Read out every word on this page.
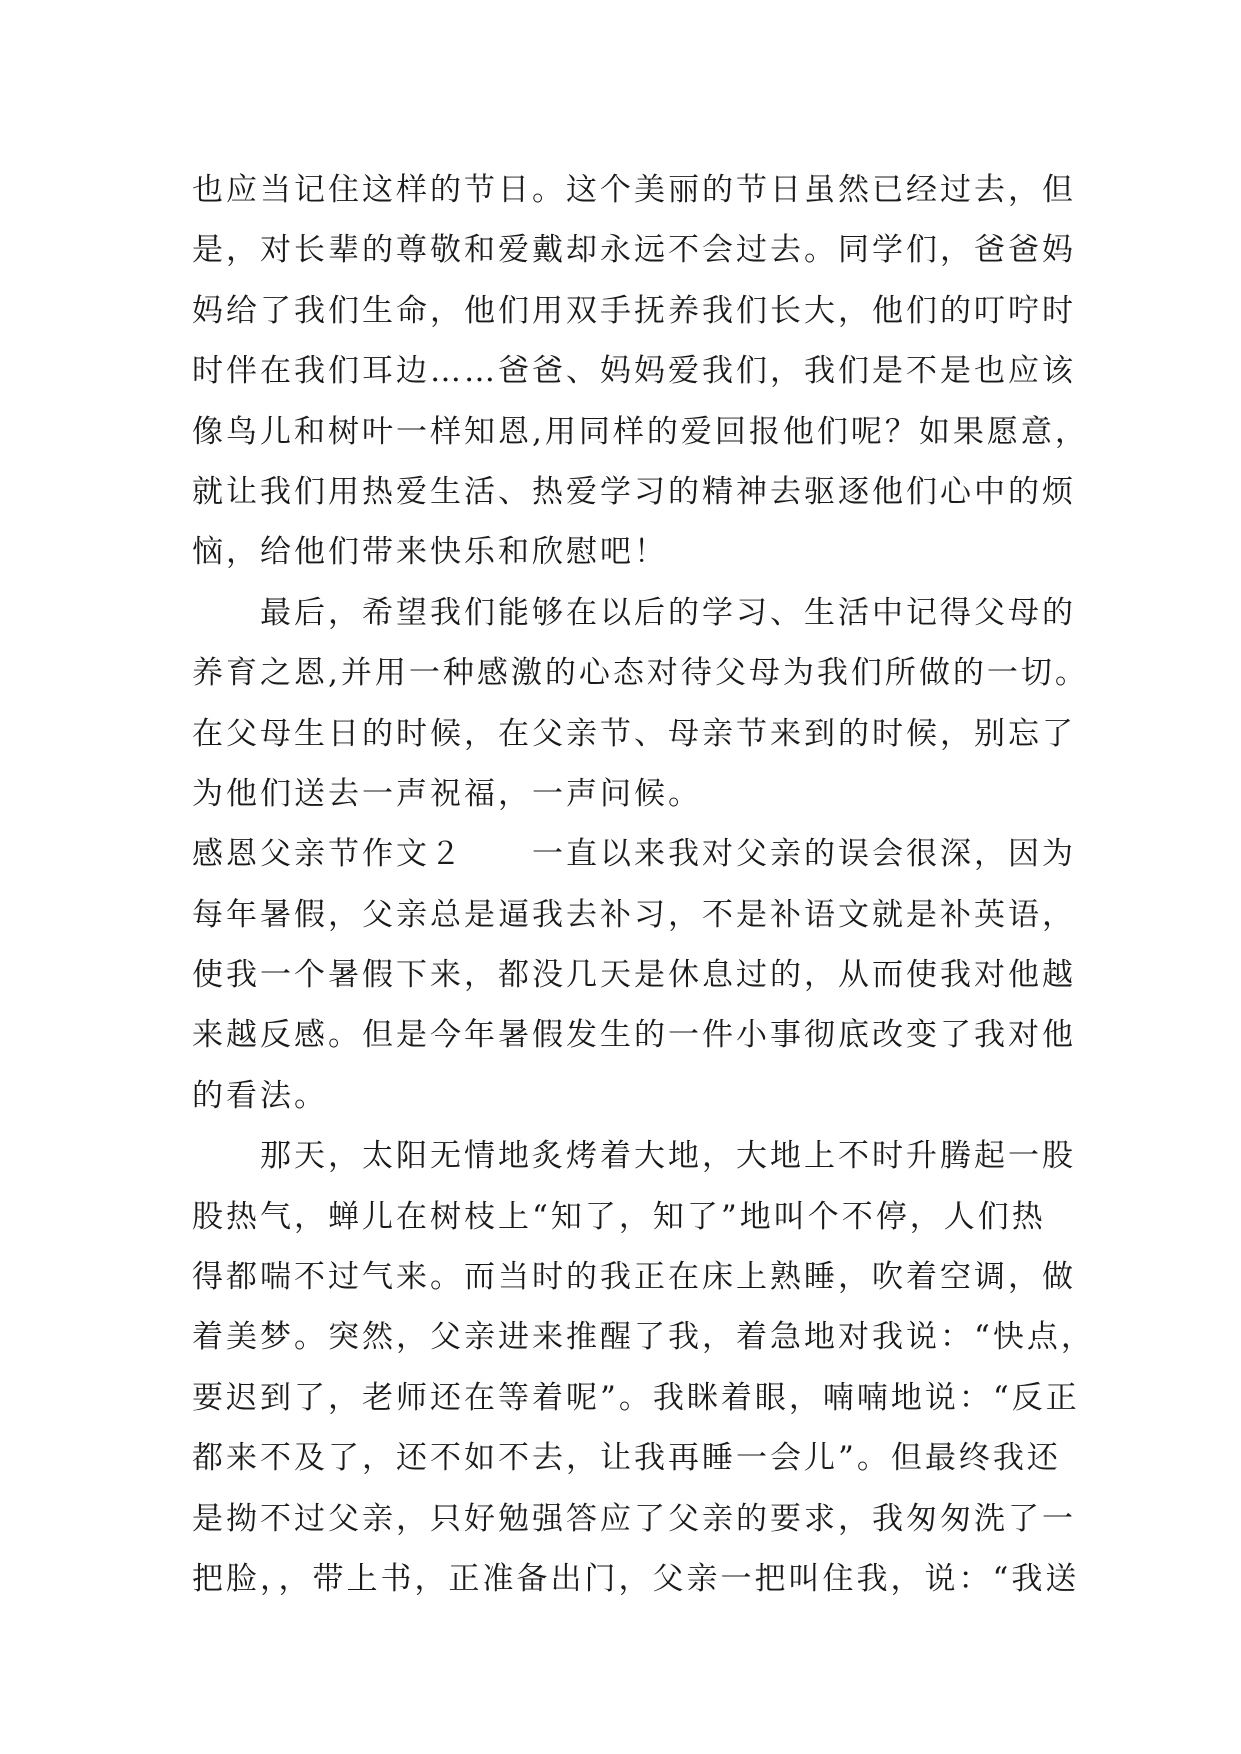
也应当记住这样的节日。这个美丽的节日虽然已经过去，但
是，对长辈的尊敬和爱戴却永远不会过去。同学们，爸爸妈
妈给了我们生命，他们用双手抚养我们长大，他们的叮咛时
时伴在我们耳边……爸爸、妈妈爱我们，我们是不是也应该
像鸟儿和树叶一样知恩,用同样的爱回报他们呢？如果愿意，
就让我们用热爱生活、热爱学习的精神去驱逐他们心中的烦
恼，给他们带来快乐和欣慰吧！
　　最后，希望我们能够在以后的学习、生活中记得父母的
养育之恩,并用一种感激的心态对待父母为我们所做的一切。
在父母生日的时候，在父亲节、母亲节来到的时候，别忘了
为他们送去一声祝福，一声问候。
感恩父亲节作文２　　一直以来我对父亲的误会很深，因为
每年暑假，父亲总是逼我去补习，不是补语文就是补英语，
使我一个暑假下来，都没几天是休息过的，从而使我对他越
来越反感。但是今年暑假发生的一件小事彻底改变了我对他
的看法。
　　那天，太阳无情地炙烤着大地，大地上不时升腾起一股
股热气，蝉儿在树枝上“知了，知了”地叫个不停，人们热
得都喘不过气来。而当时的我正在床上熟睡，吹着空调，做
着美梦。突然，父亲进来推醒了我，着急地对我说：“快点，
要迟到了，老师还在等着呢”。我眯着眼，喃喃地说：“反正
都来不及了，还不如不去，让我再睡一会儿”。但最终我还
是拗不过父亲，只好勉强答应了父亲的要求，我匆匆洗了一
把脸，，带上书，正准备出门，父亲一把叫住我，说：“我送
